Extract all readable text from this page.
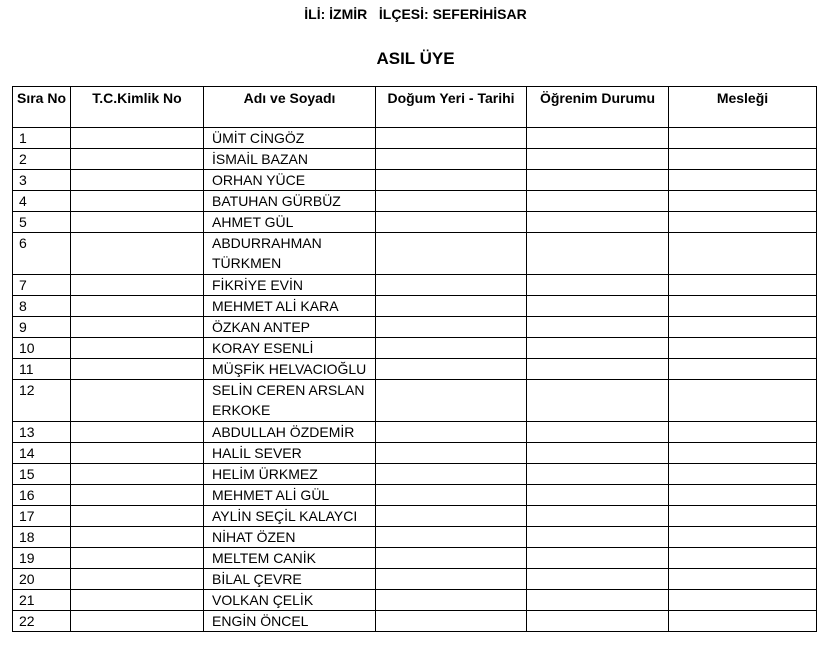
İLİ: İZMİR   İLÇESİ: SEFERİHİSAR
ASIL ÜYE
Sıra No	T.C.Kimlik No	Adı ve Soyadı	Doğum Yeri - Tarihi	Öğrenim Durumu	Mesleği
1		ÜMİT CİNGÖZ			
2		İSMAİL BAZAN			
3		ORHAN YÜCE			
4		BATUHAN GÜRBÜZ			
5		AHMET GÜL			
6		ABDURRAHMAN TÜRKMEN			
7		FİKRİYE EVİN			
8		MEHMET ALİ KARA			
9		ÖZKAN ANTEP			
10		KORAY ESENLİ			
11		MÜŞFİK HELVACIOĞLU			
12		SELİN CEREN ARSLAN ERKOKE			
13		ABDULLAH ÖZDEMİR			
14		HALİL SEVER			
15		HELİM ÜRKMEZ			
16		MEHMET ALİ GÜL			
17		AYLİN SEÇİL KALAYCI			
18		NİHAT ÖZEN			
19		MELTEM CANİK			
20		BİLAL ÇEVRE			
21		VOLKAN ÇELİK			
22		ENGİN ÖNCEL			
